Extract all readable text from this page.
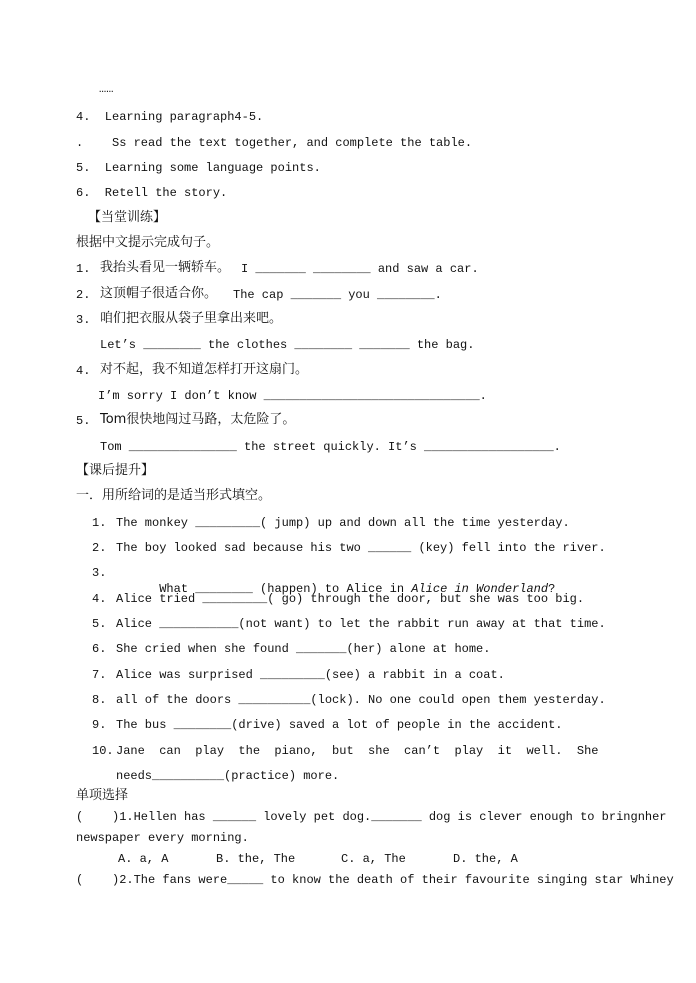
……
4.  Learning paragraph4-5.
.    Ss read the text together, and complete the table.
5.  Learning some language points.
6.  Retell the story.
【当堂训练】
根据中文提示完成句子。
1. 我抬头看见一辆轿车。 I _______ ________ and saw a car.
2. 这顶帽子很适合你。 The cap _______ you ________.
3. 咱们把衣服从袋子里拿出来吧。
Let’s ________ the clothes ________ _______ the bag.
4. 对不起，我不知道怎样打开这扇门。
I’m sorry I don’t know ______________________________.
5. Tom很快地闯过马路，太危险了。
Tom _______________ the street quickly. It’s __________________.
【课后提升】
一．用所给词的是适当形式填空。
1. The monkey _________( jump) up and down all the time yesterday.
2. The boy looked sad because his two ______ (key) fell into the river.
3.

What ________ (happen) to Alice in Alice in Wonderland?

4. Alice tried _________( go) through the door, but she was too big.
5. Alice ___________(not want) to let the rabbit run away at that time.
6. She cried when she found _______(her) alone at home.
7. Alice was surprised _________(see) a rabbit in a coat.
8. all of the doors __________(lock). No one could open them yesterday.
9. The bus ________(drive) saved a lot of people in the accident.
10. Jane  can  play  the  piano,  but  she  can’t  play  it  well.  She
needs__________(practice) more.
单项选择
(    )1.Hellen has ______ lovely pet dog._______ dog is clever enough to bringnher
newspaper every morning.
A. a, A	B. the, The	C. a, The	D. the, A
(    )2.The fans were_____ to know the death of their favourite singing star Whiney
